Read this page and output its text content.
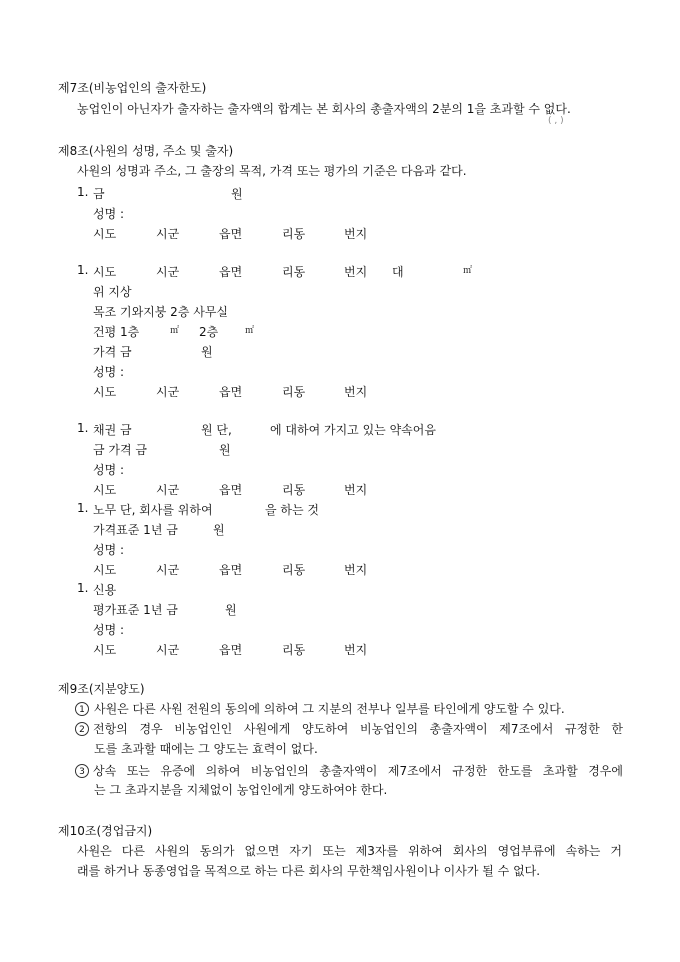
제7조(비농업인의 출자한도)
농업인이 아닌자가 출자하는 출자액의 합계는 본 회사의 총출자액의 2분의 1을 초과할 수 없다.
( , )
제8조(사원의 성명, 주소 및 출자)
사원의 성명과 주소, 그 출장의 목적, 가격 또는 평가의 기준은 다음과 같다.
1. 금	원
성명 :
시도	시군	읍면	리동	번지
1. 시도	시군	읍면	리동	번지 대	㎡
위 지상
목조 기와지붕 2층 사무실
건평 1층	㎡ 2층	㎡
가격 금	원
성명 :
시도	시군	읍면	리동	번지
1. 채권 금	원 단,	에 대하여 가지고 있는 약속어음
금 가격 금	원
성명 :
시도	시군	읍면	리동	번지
1. 노무 단, 회사를 위하여	을 하는 것
가격표준 1년 금	원
성명 :
시도	시군	읍면	리동	번지
1. 신용
평가표준 1년 금	원
성명 :
시도	시군	읍면	리동	번지
제9조(지분양도)
1 사원은 다른 사원 전원의 동의에 의하여 그 지분의 전부나 일부를 타인에게 양도할 수 있다.
2 전항의 경우 비농업인인 사원에게 양도하여 비농업인의 총출자액이 제7조에서 규정한 한
도를 초과할 때에는 그 양도는 효력이 없다.
3 상속 또는 유증에 의하여 비농업인의 총출자액이 제7조에서 규정한 한도를 초과할 경우에
는 그 초과지분을 지체없이 농업인에게 양도하여야 한다.
제10조(경업금지)
사원은 다른 사원의 동의가 없으면 자기 또는 제3자를 위하여 회사의 영업부류에 속하는 거
래를 하거나 동종영업을 목적으로 하는 다른 회사의 무한책임사원이나 이사가 될 수 없다.
